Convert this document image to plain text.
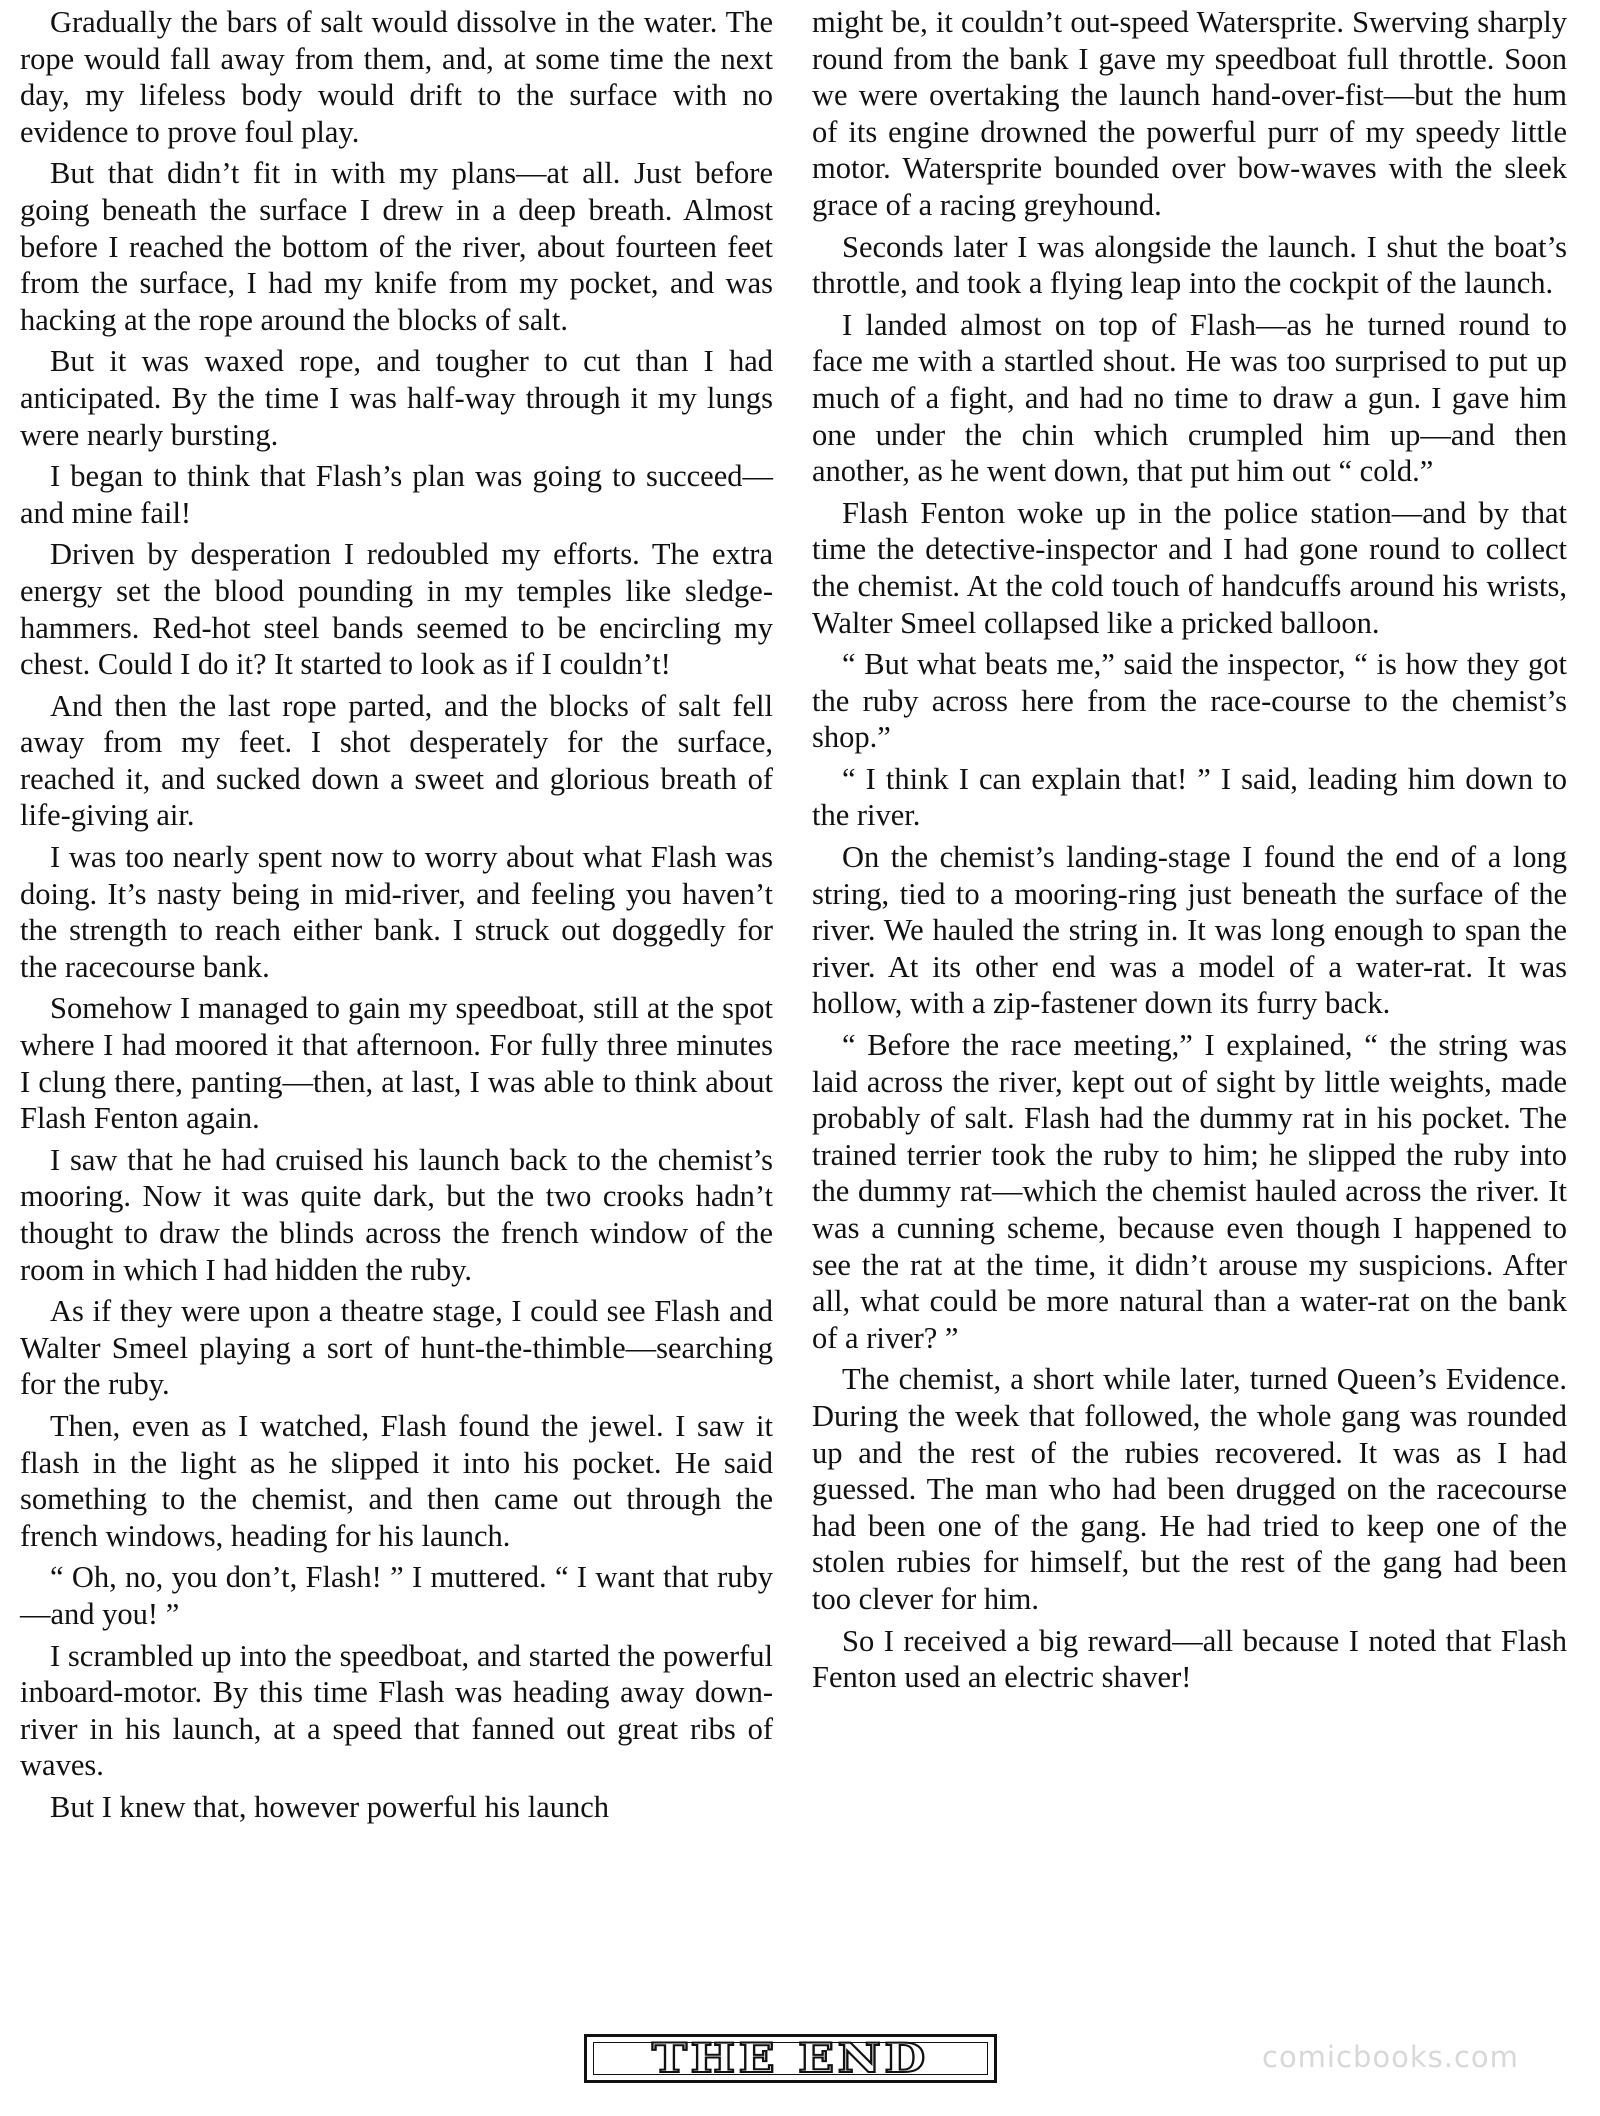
Gradually the bars of salt would dissolve in the water. The rope would fall away from them, and, at some time the next day, my lifeless body would drift to the surface with no evidence to prove foul play.

But that didn’t fit in with my plans—at all. Just before going beneath the surface I drew in a deep breath. Almost before I reached the bottom of the river, about fourteen feet from the surface, I had my knife from my pocket, and was hacking at the rope around the blocks of salt.

But it was waxed rope, and tougher to cut than I had anticipated. By the time I was half-way through it my lungs were nearly bursting.

I began to think that Flash’s plan was going to succeed—and mine fail!

Driven by desperation I redoubled my efforts. The extra energy set the blood pounding in my temples like sledge-hammers. Red-hot steel bands seemed to be encircling my chest. Could I do it? It started to look as if I couldn’t!

And then the last rope parted, and the blocks of salt fell away from my feet. I shot desperately for the surface, reached it, and sucked down a sweet and glorious breath of life-giving air.

I was too nearly spent now to worry about what Flash was doing. It’s nasty being in mid-river, and feeling you haven’t the strength to reach either bank. I struck out doggedly for the racecourse bank.

Somehow I managed to gain my speedboat, still at the spot where I had moored it that afternoon. For fully three minutes I clung there, panting—then, at last, I was able to think about Flash Fenton again.

I saw that he had cruised his launch back to the chemist’s mooring. Now it was quite dark, but the two crooks hadn’t thought to draw the blinds across the french window of the room in which I had hidden the ruby.

As if they were upon a theatre stage, I could see Flash and Walter Smeel playing a sort of hunt-the-thimble—searching for the ruby.

Then, even as I watched, Flash found the jewel. I saw it flash in the light as he slipped it into his pocket. He said something to the chemist, and then came out through the french windows, heading for his launch.

“ Oh, no, you don’t, Flash! ” I muttered. “ I want that ruby—and you! ”

I scrambled up into the speedboat, and started the powerful inboard-motor. By this time Flash was heading away down-river in his launch, at a speed that fanned out great ribs of waves.

But I knew that, however powerful his launch

might be, it couldn’t out-speed Watersprite. Swerving sharply round from the bank I gave my speedboat full throttle. Soon we were overtaking the launch hand-over-fist—but the hum of its engine drowned the powerful purr of my speedy little motor. Watersprite bounded over bow-waves with the sleek grace of a racing greyhound.

Seconds later I was alongside the launch. I shut the boat’s throttle, and took a flying leap into the cockpit of the launch.

I landed almost on top of Flash—as he turned round to face me with a startled shout. He was too surprised to put up much of a fight, and had no time to draw a gun. I gave him one under the chin which crumpled him up—and then another, as he went down, that put him out “ cold.”

Flash Fenton woke up in the police station—and by that time the detective-inspector and I had gone round to collect the chemist. At the cold touch of handcuffs around his wrists, Walter Smeel collapsed like a pricked balloon.

“ But what beats me,” said the inspector, “ is how they got the ruby across here from the race-course to the chemist’s shop.”

“ I think I can explain that! ” I said, leading him down to the river.

On the chemist’s landing-stage I found the end of a long string, tied to a mooring-ring just beneath the surface of the river. We hauled the string in. It was long enough to span the river. At its other end was a model of a water-rat. It was hollow, with a zip-fastener down its furry back.

“ Before the race meeting,” I explained, “ the string was laid across the river, kept out of sight by little weights, made probably of salt. Flash had the dummy rat in his pocket. The trained terrier took the ruby to him; he slipped the ruby into the dummy rat—which the chemist hauled across the river. It was a cunning scheme, because even though I happened to see the rat at the time, it didn’t arouse my suspicions. After all, what could be more natural than a water-rat on the bank of a river? ”

The chemist, a short while later, turned Queen’s Evidence. During the week that followed, the whole gang was rounded up and the rest of the rubies recovered. It was as I had guessed. The man who had been drugged on the racecourse had been one of the gang. He had tried to keep one of the stolen rubies for himself, but the rest of the gang had been too clever for him.

So I received a big reward—all because I noted that Flash Fenton used an electric shaver!

THE END	comicbooks.com
